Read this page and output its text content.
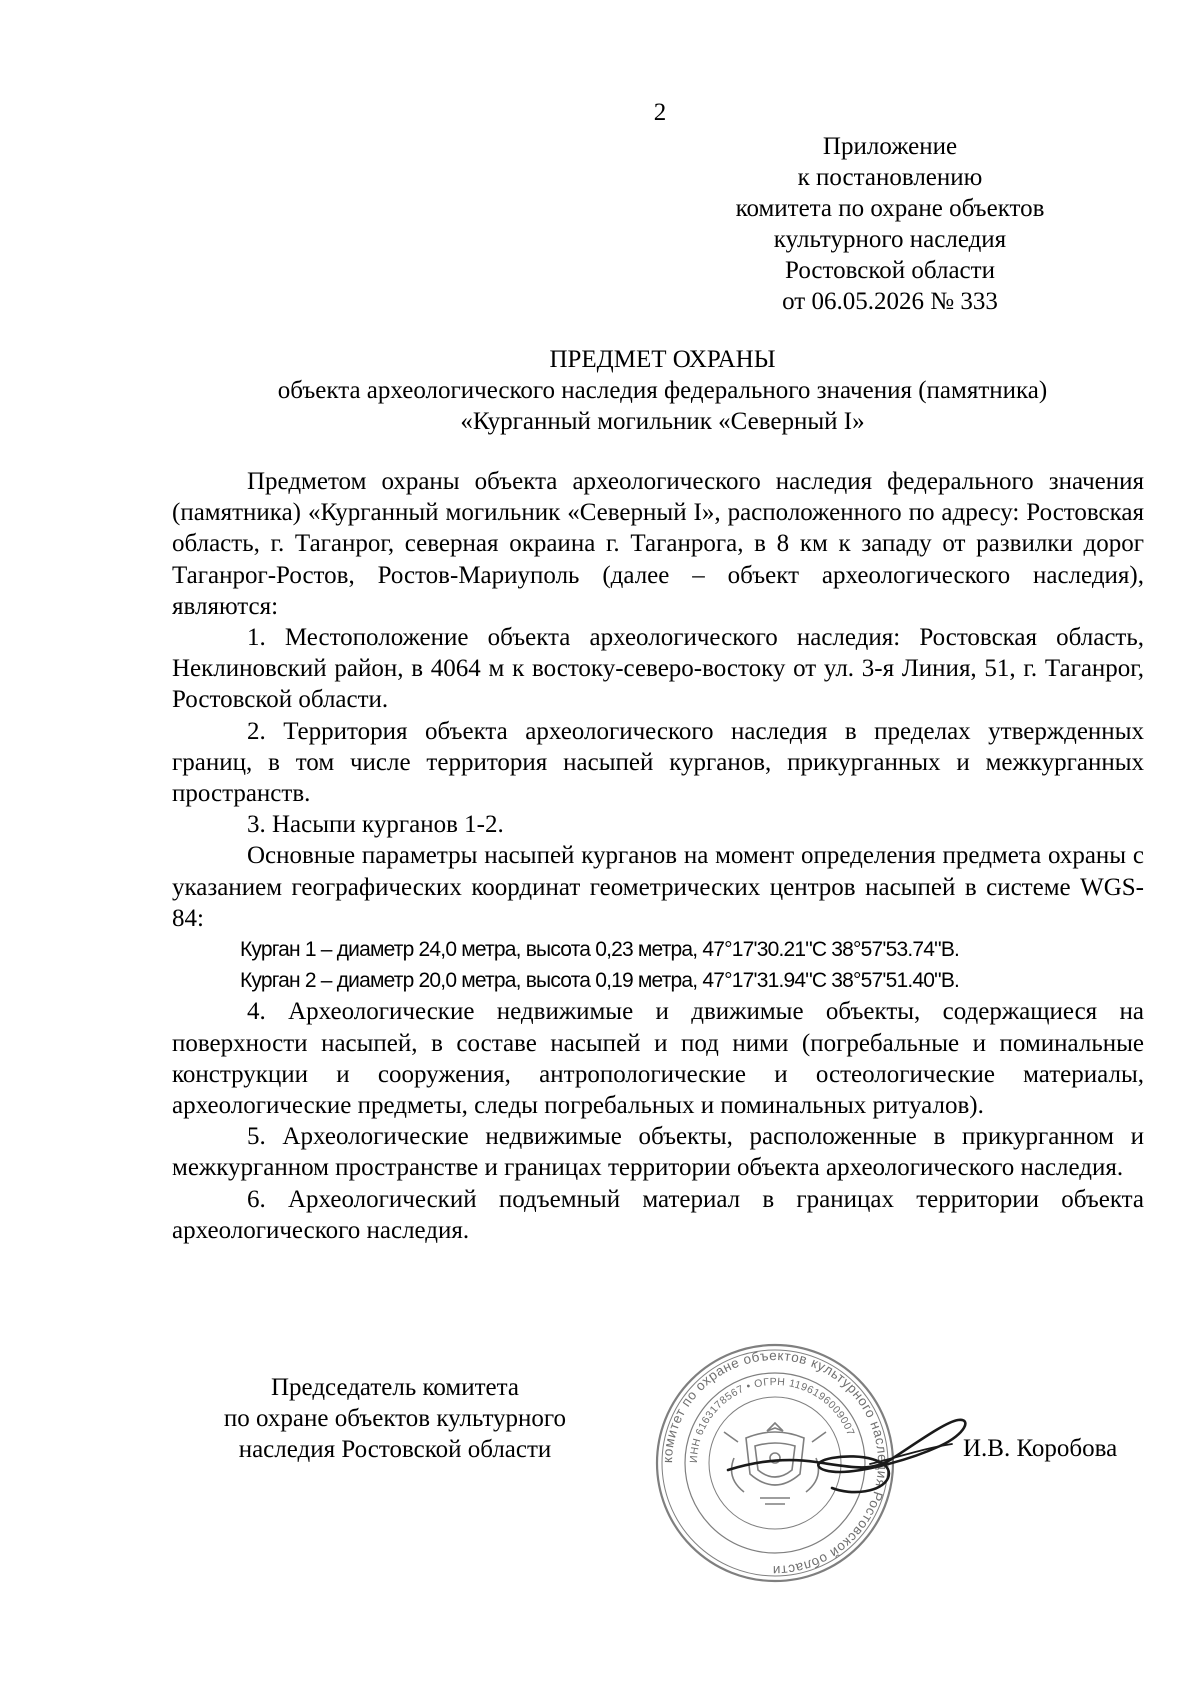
2
Приложение
к постановлению
комитета по охране объектов
культурного наследия
Ростовской области
от 06.05.2026 № 333
ПРЕДМЕТ ОХРАНЫ
объекта археологического наследия федерального значения (памятника)
«Курганный могильник «Северный I»

Предметом охраны объекта археологического наследия федерального значения (памятника) «Курганный могильник «Северный I», расположенного по адресу: Ростовская область, г. Таганрог, северная окраина г. Таганрога, в 8 км к западу от развилки дорог Таганрог-Ростов, Ростов-Мариуполь (далее – объект археологического наследия), являются:

1. Местоположение объекта археологического наследия: Ростовская область, Неклиновский район, в 4064 м к востоку-северо-востоку от ул. 3-я Линия, 51, г. Таганрог, Ростовской области.

2. Территория объекта археологического наследия в пределах утвержденных границ, в том числе территория насыпей курганов, прикурганных и межкурганных пространств.

3. Насыпи курганов 1-2.

Основные параметры насыпей курганов на момент определения предмета охраны с указанием географических координат геометрических центров насыпей в системе WGS-84:

Курган 1 – диаметр 24,0 метра, высота 0,23 метра, 47°17'30.21"С 38°57'53.74"В.

Курган 2 – диаметр 20,0 метра, высота 0,19 метра, 47°17'31.94"С 38°57'51.40"В.

4. Археологические недвижимые и движимые объекты, содержащиеся на поверхности насыпей, в составе насыпей и под ними (погребальные и поминальные конструкции и сооружения, антропологические и остеологические материалы, археологические предметы, следы погребальных и поминальных ритуалов).

5. Археологические недвижимые объекты, расположенные в прикурганном и межкурганном пространстве и границах территории объекта археологического наследия.

6. Археологический подъемный материал в границах территории объекта археологического наследия.

Председатель комитета
по охране объектов культурного
наследия Ростовской области	комитет по охране объектов культурного наследия Ростовской области
ИНН 6163178567 • ОГРН 1196196009007
И.В. Коробова
